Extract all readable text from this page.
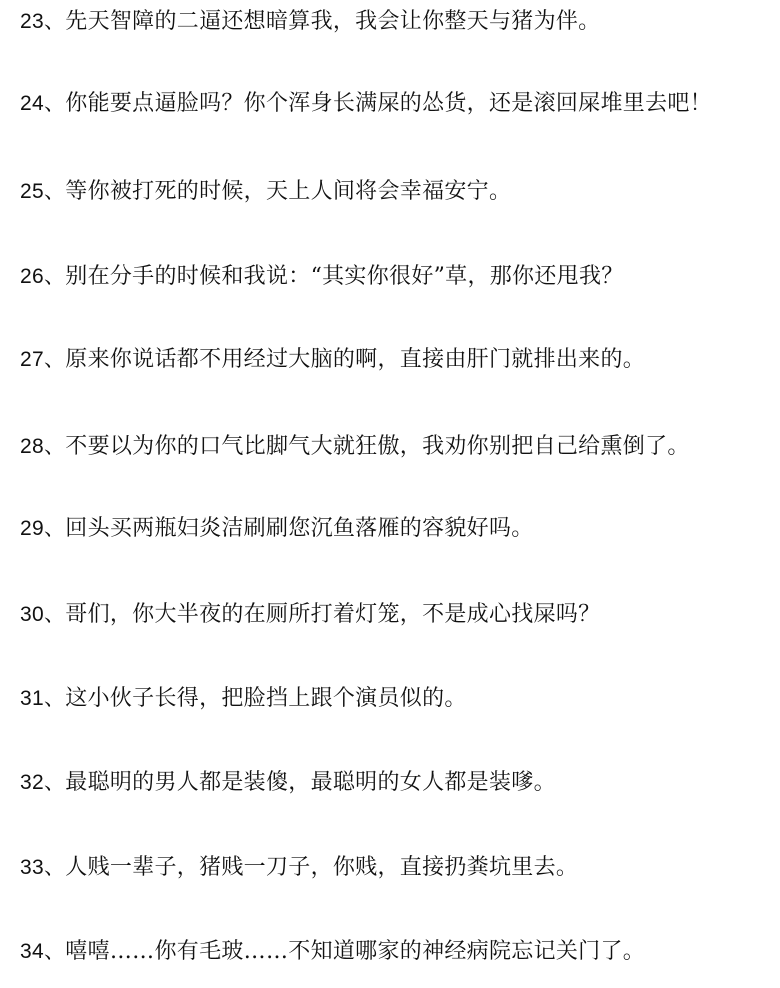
23、先天智障的二逼还想暗算我，我会让你整天与猪为伴。
24、你能要点逼脸吗？你个浑身长满屎的怂货，还是滚回屎堆里去吧！
25、等你被打死的时候，天上人间将会幸福安宁。
26、别在分手的时候和我说：“其实你很好”草，那你还甩我？
27、原来你说话都不用经过大脑的啊，直接由肝门就排出来的。
28、不要以为你的口气比脚气大就狂傲，我劝你别把自己给熏倒了。
29、回头买两瓶妇炎洁刷刷您沉鱼落雁的容貌好吗。
30、哥们，你大半夜的在厕所打着灯笼，不是成心找屎吗？
31、这小伙子长得，把脸挡上跟个演员似的。
32、最聪明的男人都是装傻，最聪明的女人都是装嗲。
33、人贱一辈子，猪贱一刀子，你贱，直接扔粪坑里去。
34、嘻嘻……你有毛玻……不知道哪家的神经病院忘记关门了。
